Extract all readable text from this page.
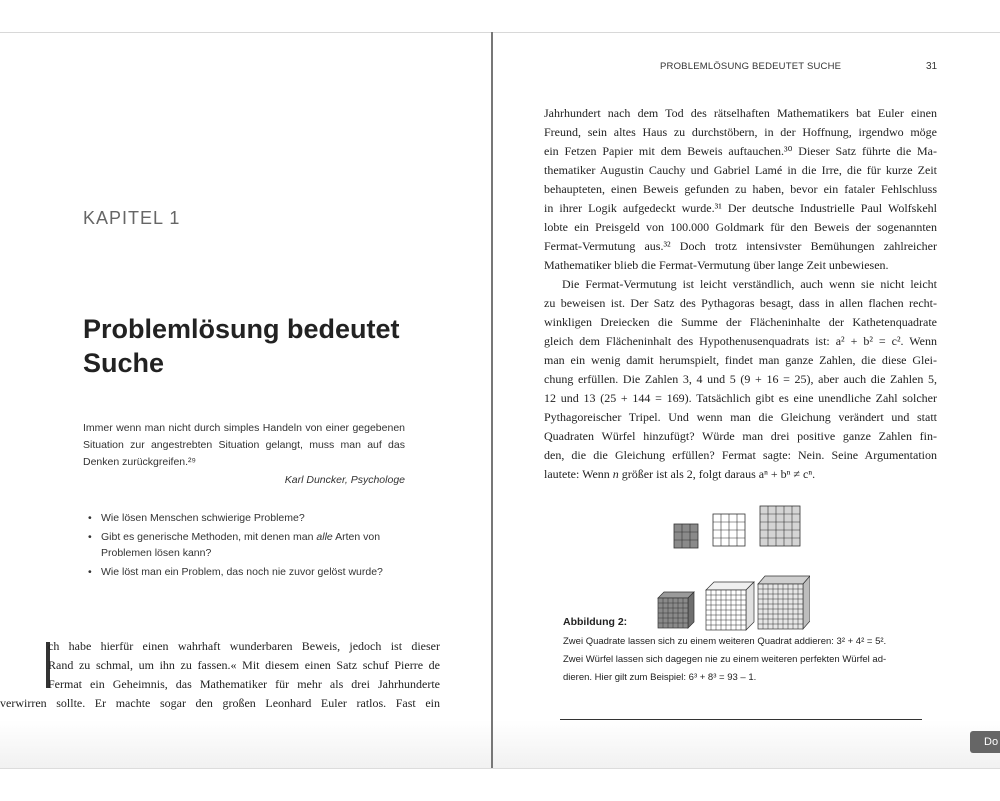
KAPITEL 1
Problemlösung bedeutet Suche
Immer wenn man nicht durch simples Handeln von einer gegebenen Situation zur angestrebten Situation gelangt, muss man auf das Denken zurückgreifen.²⁹
Karl Duncker, Psychologe
• Wie lösen Menschen schwierige Probleme?
• Gibt es generische Methoden, mit denen man alle Arten von Problemen lösen kann?
• Wie löst man ein Problem, das noch nie zuvor gelöst wurde?
ch habe hierfür einen wahrhaft wunderbaren Beweis, jedoch ist dieser
Rand zu schmal, um ihn zu fassen.« Mit diesem einen Satz schuf Pierre de
Fermat ein Geheimnis, das Mathematiker für mehr als drei Jahrhunderte
verwirren sollte. Er machte sogar den großen Leonhard Euler ratlos. Fast ein
PROBLEMLÖSUNG BEDEUTET SUCHE	31
Jahrhundert nach dem Tod des rätselhaften Mathematikers bat Euler einen
Freund, sein altes Haus zu durchstöbern, in der Hoffnung, irgendwo möge
ein Fetzen Papier mit dem Beweis auftauchen.³⁰ Dieser Satz führte die Ma-
thematiker Augustin Cauchy und Gabriel Lamé in die Irre, die für kurze Zeit
behaupteten, einen Beweis gefunden zu haben, bevor ein fataler Fehlschluss
in ihrer Logik aufgedeckt wurde.³¹ Der deutsche Industrielle Paul Wolfskehl
lobte ein Preisgeld von 100.000 Goldmark für den Beweis der sogenannten
Fermat-Vermutung aus.³² Doch trotz intensivster Bemühungen zahlreicher
Mathematiker blieb die Fermat-Vermutung über lange Zeit unbewiesen.
Die Fermat-Vermutung ist leicht verständlich, auch wenn sie nicht leicht
zu beweisen ist. Der Satz des Pythagoras besagt, dass in allen flachen recht-
winkligen Dreiecken die Summe der Flächeninhalte der Kathetenquadrate
gleich dem Flächeninhalt des Hypothenusenquadrats ist: a² + b² = c². Wenn
man ein wenig damit herumspielt, findet man ganze Zahlen, die diese Glei-
chung erfüllen. Die Zahlen 3, 4 und 5 (9 + 16 = 25), aber auch die Zahlen 5,
12 und 13 (25 + 144 = 169). Tatsächlich gibt es eine unendliche Zahl solcher
Pythagoreischer Tripel. Und wenn man die Gleichung verändert und statt
Quadraten Würfel hinzufügt? Würde man drei positive ganze Zahlen fin-
den, die die Gleichung erfüllen? Fermat sagte: Nein. Seine Argumentation
lautete: Wenn n größer ist als 2, folgt daraus aⁿ + bⁿ ≠ cⁿ.
Abbildung 2:
Zwei Quadrate lassen sich zu einem weiteren Quadrat addieren: 3² + 4² = 5².
Zwei Würfel lassen sich dagegen nie zu einem weiteren perfekten Würfel ad-
dieren. Hier gilt zum Beispiel: 6³ + 8³ = 93 – 1.
Do
